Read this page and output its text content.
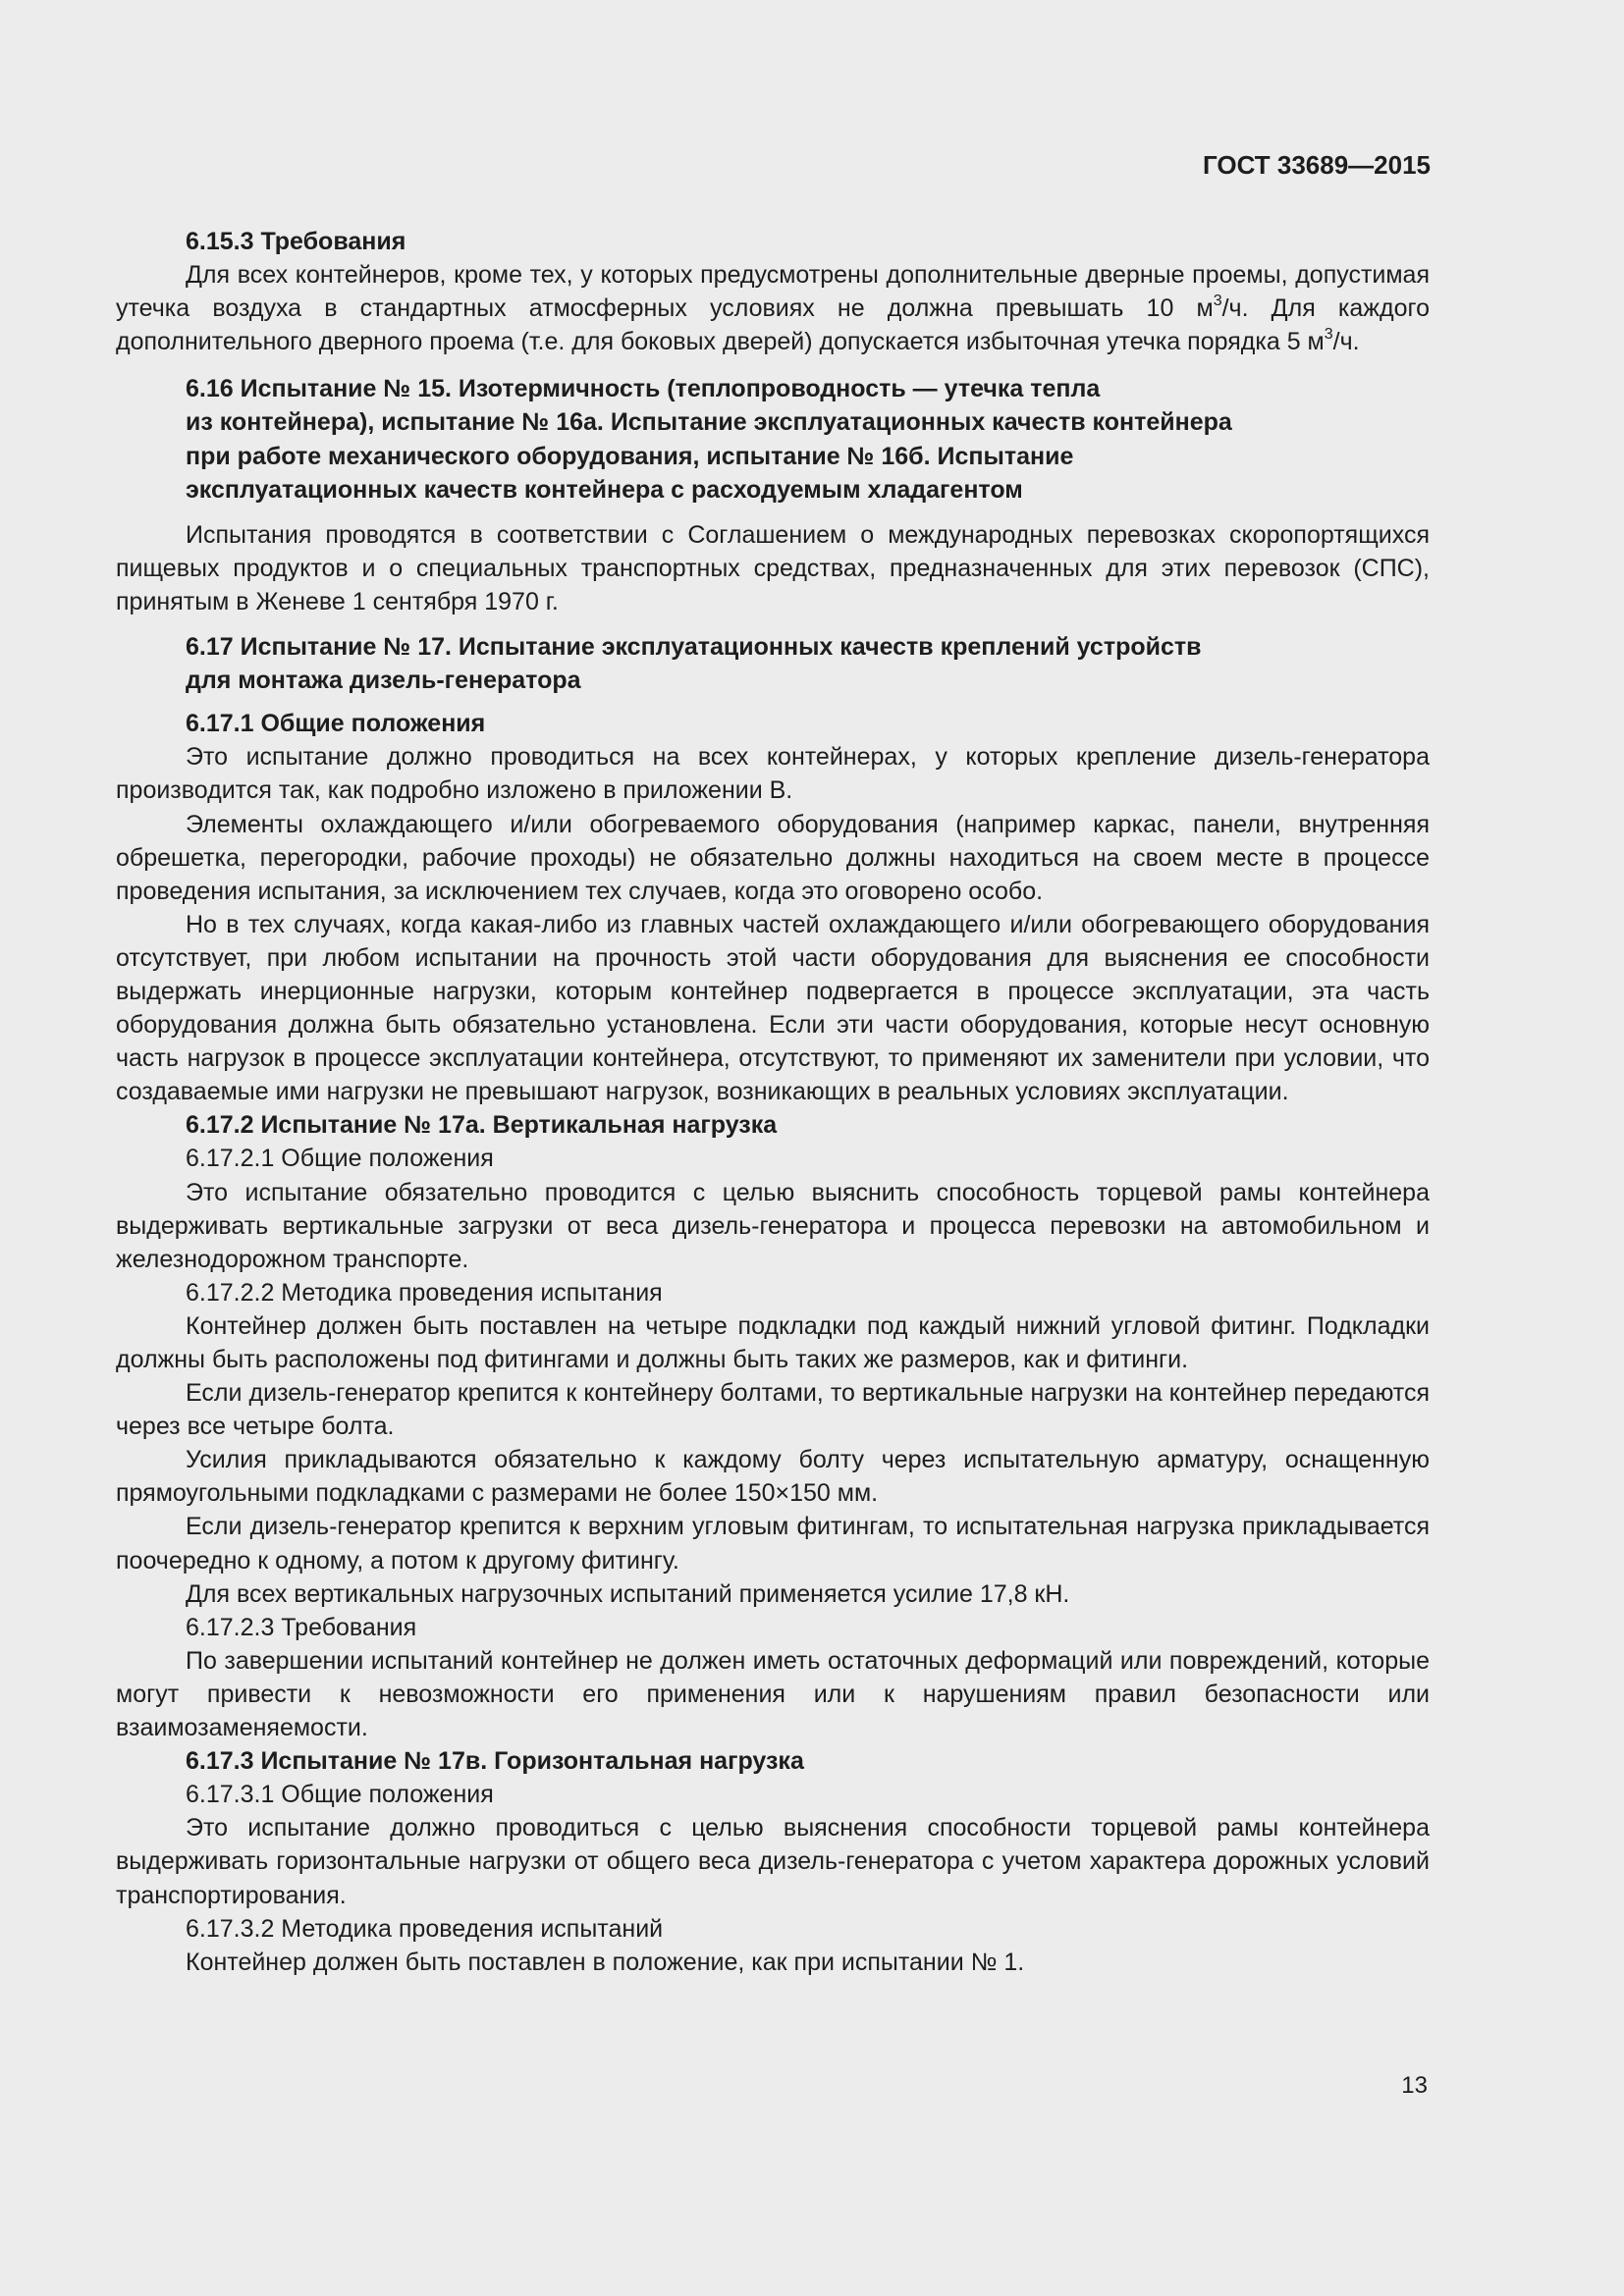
ГОСТ 33689—2015

6.15.3 Требования

Для всех контейнеров, кроме тех, у которых предусмотрены дополнительные дверные проемы, допустимая утечка воздуха в стандартных атмосферных условиях не должна превышать 10 $м^3/ч$. Для каждого дополнительного дверного проема (т.е. для боковых дверей) допускается избыточная утечка порядка 5 $м^3/ч$.

6.16 Испытание № 15. Изотермичность (теплопроводность — утечка тепла
из контейнера), испытание № 16а. Испытание эксплуатационных качеств контейнера
при работе механического оборудования, испытание № 16б. Испытание
эксплуатационных качеств контейнера с расходуемым хладагентом

Испытания проводятся в соответствии с Соглашением о международных перевозках скоропортящихся пищевых продуктов и о специальных транспортных средствах, предназначенных для этих перевозок (СПС), принятым в Женеве 1 сентября 1970 г.

6.17 Испытание № 17. Испытание эксплуатационных качеств креплений устройств
для монтажа дизель-генератора

6.17.1 Общие положения

Это испытание должно проводиться на всех контейнерах, у которых крепление дизель-генератора производится так, как подробно изложено в приложении В.

Элементы охлаждающего и/или обогреваемого оборудования (например каркас, панели, внутренняя обрешетка, перегородки, рабочие проходы) не обязательно должны находиться на своем месте в процессе проведения испытания, за исключением тех случаев, когда это оговорено особо.

Но в тех случаях, когда какая-либо из главных частей охлаждающего и/или обогревающего оборудования отсутствует, при любом испытании на прочность этой части оборудования для выяснения ее способности выдержать инерционные нагрузки, которым контейнер подвергается в процессе эксплуатации, эта часть оборудования должна быть обязательно установлена. Если эти части оборудования, которые несут основную часть нагрузок в процессе эксплуатации контейнера, отсутствуют, то применяют их заменители при условии, что создаваемые ими нагрузки не превышают нагрузок, возникающих в реальных условиях эксплуатации.

6.17.2 Испытание № 17а. Вертикальная нагрузка

6.17.2.1 Общие положения

Это испытание обязательно проводится с целью выяснить способность торцевой рамы контейнера выдерживать вертикальные загрузки от веса дизель-генератора и процесса перевозки на автомобильном и железнодорожном транспорте.

6.17.2.2 Методика проведения испытания

Контейнер должен быть поставлен на четыре подкладки под каждый нижний угловой фитинг. Подкладки должны быть расположены под фитингами и должны быть таких же размеров, как и фитинги.

Если дизель-генератор крепится к контейнеру болтами, то вертикальные нагрузки на контейнер передаются через все четыре болта.

Усилия прикладываются обязательно к каждому болту через испытательную арматуру, оснащенную прямоугольными подкладками с размерами не более 150×150 мм.

Если дизель-генератор крепится к верхним угловым фитингам, то испытательная нагрузка прикладывается поочередно к одному, а потом к другому фитингу.

Для всех вертикальных нагрузочных испытаний применяется усилие 17,8 кН.

6.17.2.3 Требования

По завершении испытаний контейнер не должен иметь остаточных деформаций или повреждений, которые могут привести к невозможности его применения или к нарушениям правил безопасности или взаимозаменяемости.

6.17.3 Испытание № 17в. Горизонтальная нагрузка

6.17.3.1 Общие положения

Это испытание должно проводиться с целью выяснения способности торцевой рамы контейнера выдерживать горизонтальные нагрузки от общего веса дизель-генератора с учетом характера дорожных условий транспортирования.

6.17.3.2 Методика проведения испытаний

Контейнер должен быть поставлен в положение, как при испытании № 1.

13
